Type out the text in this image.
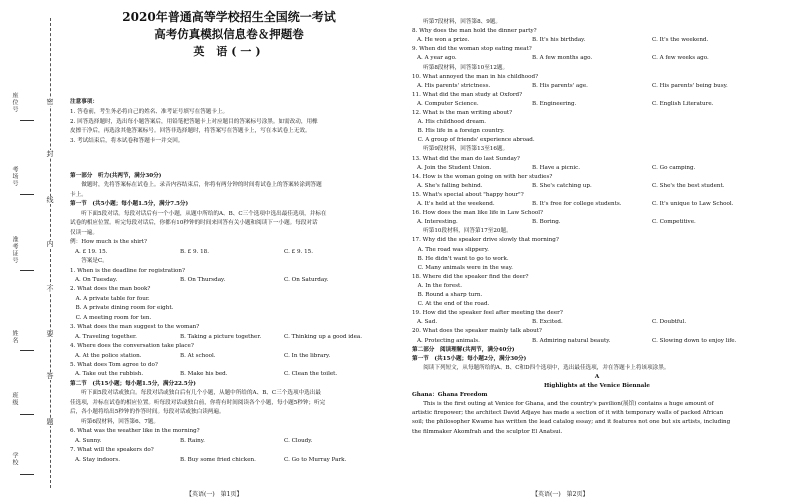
座位号
考场号
准考证号
姓名
班级
学校
密
封
线
内
不
要
答
题
2020年普通高等学校招生全国统一考试
高考仿真模拟信息卷＆押题卷
英 语(一)
注意事项：
1. 答卷前，考生务必将自己的姓名、准考证号填写在答题卡上。
2. 回答选择题时，选出每小题答案后，用铅笔把答题卡上对应题目的答案标号涂黑。如需改动，用橡
皮擦干净后，再选涂其他答案标号。回答非选择题时，将答案写在答题卡上，写在本试卷上无效。
3. 考试结束后，将本试卷和答题卡一并交回。
第一部分　听力(共两节，满分30分)
　　做题时，先将答案标在试卷上。录音内容结束后，你将有两分钟的时间将试卷上的答案转涂到答题
卡上。
第一节　(共5小题；每小题1.5分，满分7.5分)
　　听下面5段对话。每段对话后有一个小题，从题中所给的A、B、C三个选项中选出最佳选项，并标在
试卷的相应位置。听完每段对话后，你都有10秒钟的时间来回答有关小题和阅读下一小题。每段对话
仅读一遍。
例：How much is the shirt?
A. £ 19. 15.	B. £ 9. 18.	C. £ 9. 15.
　　答案是C。
1. When is the deadline for registration?
A. On Tuesday.	B. On Thursday.	C. On Saturday.
2. What does the man book?
　A. A private table for four.
　B. A private dining room for eight.
　C. A meeting room for ten.
3. What does the man suggest to the woman?
A. Traveling together.	B. Taking a picture together.	C. Thinking up a good idea.
4. Where does the conversation take place?
A. At the police station.	B. At school.	C. In the library.
5. What does Tom agree to do?
A. Take out the rubbish.	B. Make his bed.	C. Clean the toilet.
第二节　(共15小题；每小题1.5分，满分22.5分)
　　听下面5段对话或独白。每段对话或独白后有几个小题，从题中所给的A、B、C三个选项中选出最
佳选项，并标在试卷的相应位置。听每段对话或独白前，你将有时间阅读各个小题，每小题5秒钟；听完
后，各小题将给出5秒钟的作答时间。每段对话或独白读两遍。
　　听第6段材料，回答第6、7题。
6. What was the weather like in the morning?
A. Sunny.	B. Rainy.	C. Cloudy.
7. What will the speakers do?
A. Stay indoors.	B. Buy some fried chicken.	C. Go to Murray Park.
　　听第7段材料，回答第8、9题。
8. Why does the man hold the dinner party?
A. He won a prize.	B. It's his birthday.	C. It's the weekend.
9. When did the woman stop eating meat?
A. A year ago.	B. A few months ago.	C. A few weeks ago.
　　听第8段材料，回答第10至12题。
10. What annoyed the man in his childhood?
A. His parents' strictness.	B. His parents' age.	C. His parents' being busy.
11. What did the man study at Oxford?
A. Computer Science.	B. Engineering.	C. English Literature.
12. What is the man writing about?
　A. His childhood dream.
　B. His life in a foreign country.
　C. A group of friends' experience abroad.
　　听第9段材料，回答第13至16题。
13. What did the man do last Sunday?
A. Join the Student Union.	B. Have a picnic.	C. Go camping.
14. How is the woman going on with her studies?
A. She's falling behind.	B. She's catching up.	C. She's the best student.
15. What's special about "happy hour"?
A. It's held at the weekend.	B. It's free for college students.	C. It's unique to Law School.
16. How does the man like life in Law School?
A. Interesting.	B. Boring.	C. Competitive.
　　听第10段材料，回答第17至20题。
17. Why did the speaker drive slowly that morning?
　A. The road was slippery.
　B. He didn't want to go to work.
　C. Many animals were in the way.
18. Where did the speaker find the deer?
　A. In the forest.
　B. Round a sharp turn.
　C. At the end of the road.
19. How did the speaker feel after meeting the deer?
A. Sad.	B. Excited.	C. Doubtful.
20. What does the speaker mainly talk about?
A. Protecting animals.	B. Admiring natural beauty.	C. Slowing down to enjoy life.
第二部分　阅读理解(共两节，满分40分)
第一节　(共15小题；每小题2分，满分30分)
　　阅读下列短文，从每题所给的A、B、C和D四个选项中，选出最佳选项，并在答题卡上将该项涂黑。
A
Highlights at the Venice Biennale
Ghana：Ghana Freedom
　　This is the first outing at Venice for Ghana, and the country's pavilion(展馆) contains a huge amount of
artistic firepower; the architect David Adjaye has made a section of it with temporary walls of packed African
soil; the philosopher Kwame has written the lead catalog essay; and it features not one but six artists, including
the filmmaker Akomfrah and the sculptor El Anatsui.
【英语(一)　第1页】	【英语(一)　第2页】
